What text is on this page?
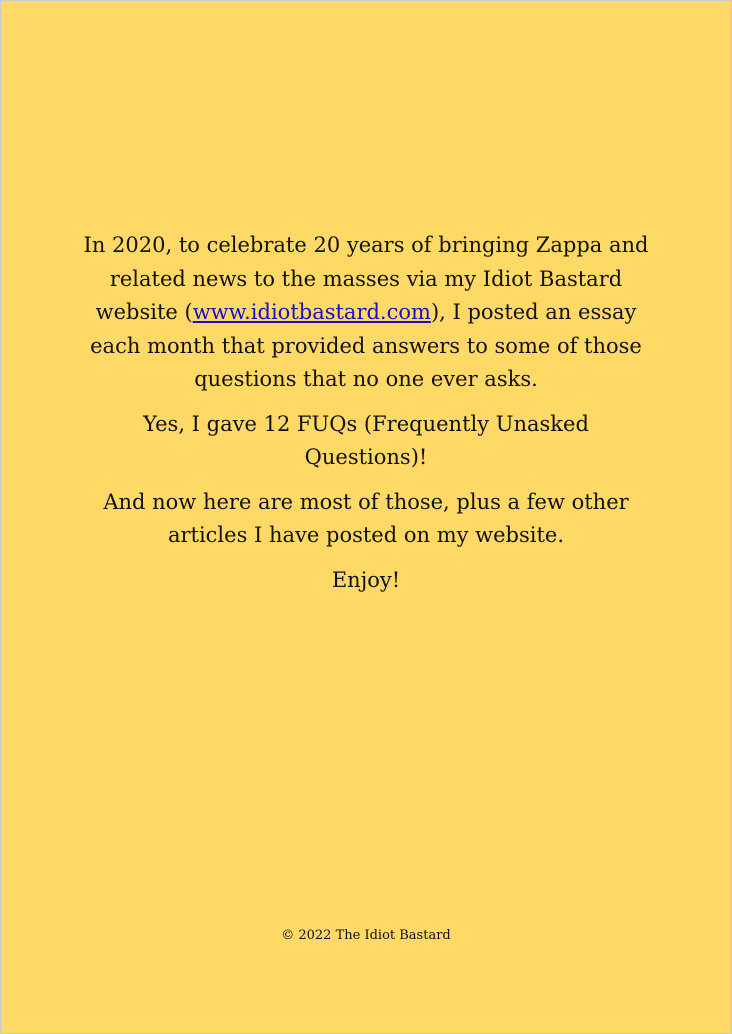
In 2020, to celebrate 20 years of bringing Zappa and related news to the masses via my Idiot Bastard website (www.idiotbastard.com), I posted an essay each month that provided answers to some of those questions that no one ever asks.

Yes, I gave 12 FUQs (Frequently Unasked Questions)!

And now here are most of those, plus a few other articles I have posted on my website.

Enjoy!

© 2022 The Idiot Bastard
